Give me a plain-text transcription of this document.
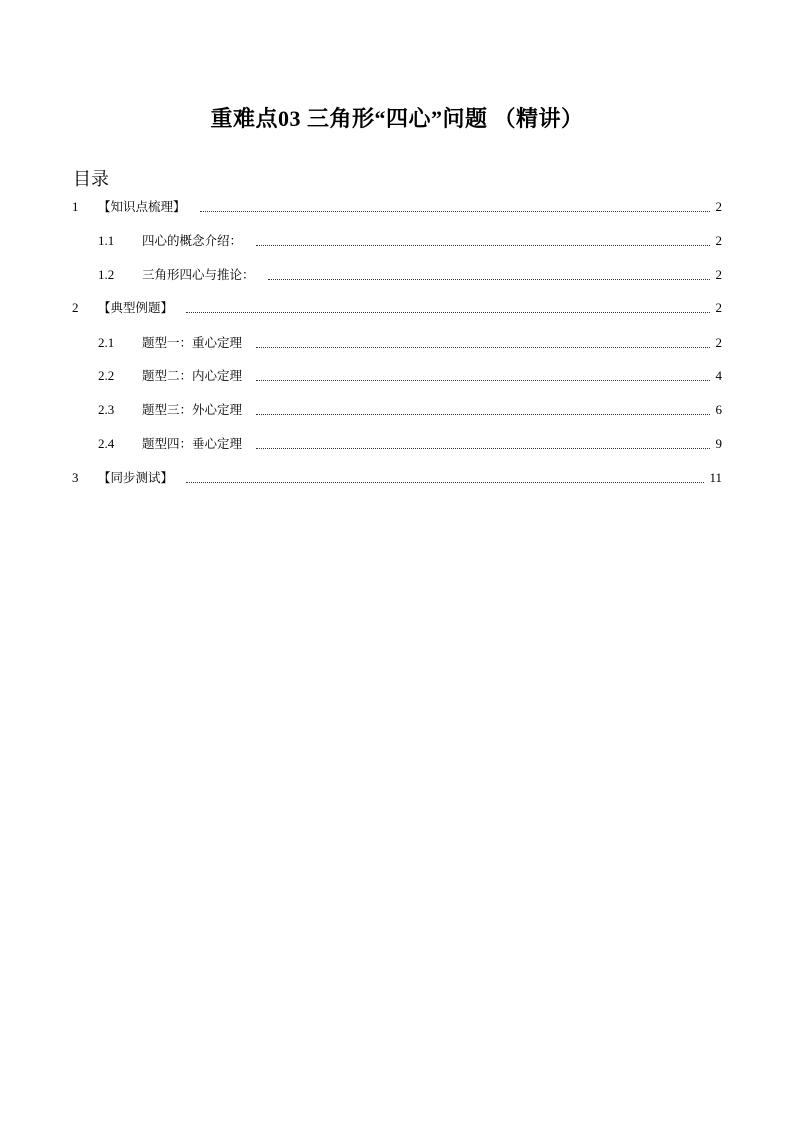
重难点03 三角形“四心”问题 （精讲）
目录
1	【知识点梳理】	2
1.1	四心的概念介绍：	2
1.2	三角形四心与推论：	2
2	【典型例题】	2
2.1	题型一：重心定理	2
2.2	题型二：内心定理	4
2.3	题型三：外心定理	6
2.4	题型四：垂心定理	9
3	【同步测试】	11
